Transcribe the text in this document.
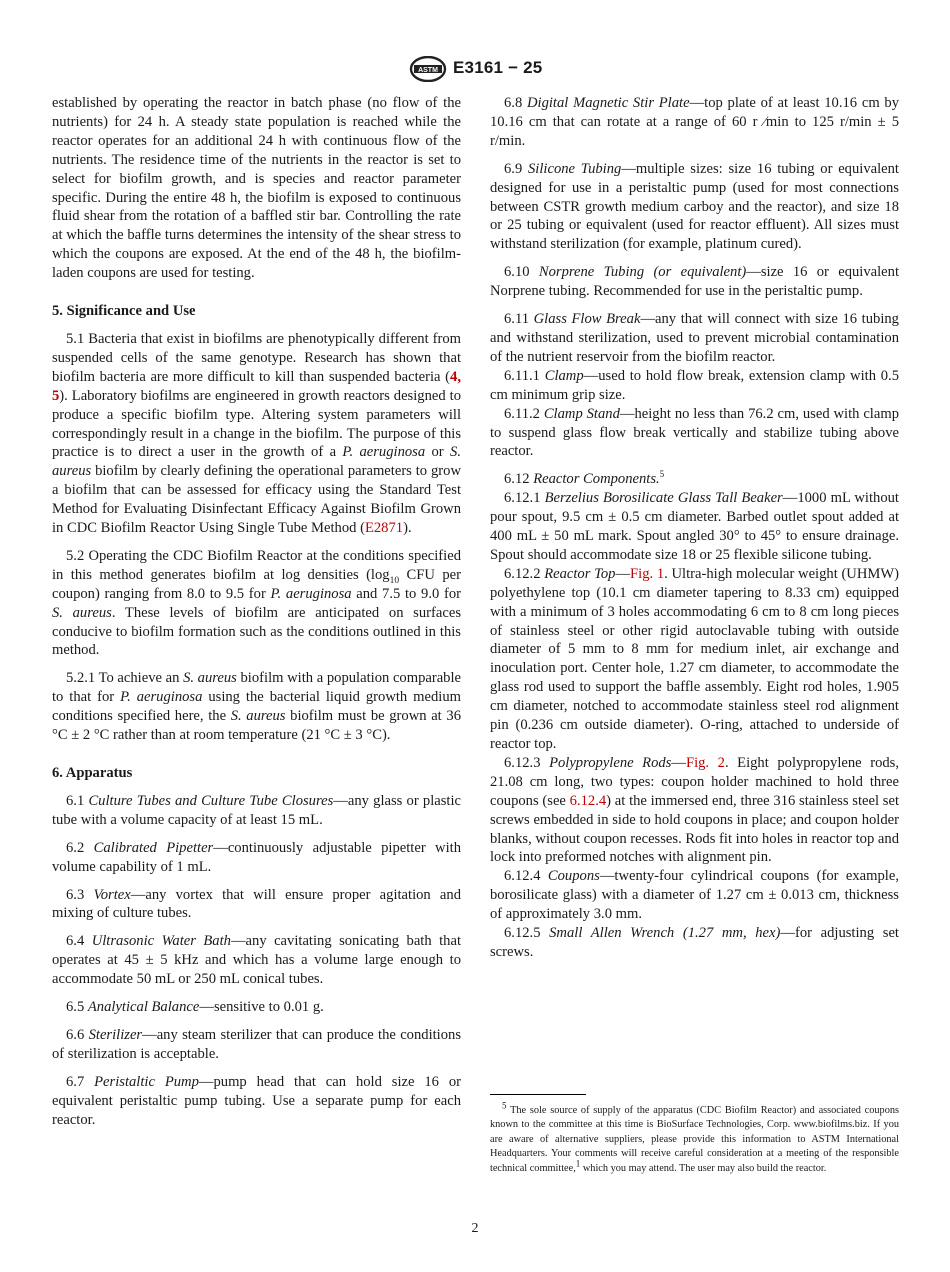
ASTM E3161 − 25

established by operating the reactor in batch phase (no flow of the nutrients) for 24 h. A steady state population is reached while the reactor operates for an additional 24 h with continuous flow of the nutrients. The residence time of the nutrients in the reactor is set to select for biofilm growth, and is species and reactor parameter specific. During the entire 48 h, the biofilm is exposed to continuous fluid shear from the rotation of a baffled stir bar. Controlling the rate at which the baffle turns determines the intensity of the shear stress to which the coupons are exposed. At the end of the 48 h, the biofilm-laden coupons are used for testing.

5. Significance and Use

5.1 Bacteria that exist in biofilms are phenotypically different from suspended cells of the same genotype. Research has shown that biofilm bacteria are more difficult to kill than suspended bacteria (4, 5). Laboratory biofilms are engineered in growth reactors designed to produce a specific biofilm type. Altering system parameters will correspondingly result in a change in the biofilm. The purpose of this practice is to direct a user in the growth of a P. aeruginosa or S. aureus biofilm by clearly defining the operational parameters to grow a biofilm that can be assessed for efficacy using the Standard Test Method for Evaluating Disinfectant Efficacy Against Biofilm Grown in CDC Biofilm Reactor Using Single Tube Method (E2871).

5.2 Operating the CDC Biofilm Reactor at the conditions specified in this method generates biofilm at log densities ($\log_{10}$ CFU per coupon) ranging from 8.0 to 9.5 for P. aeruginosa and 7.5 to 9.0 for S. aureus. These levels of biofilm are anticipated on surfaces conducive to biofilm formation such as the conditions outlined in this method.

5.2.1 To achieve an S. aureus biofilm with a population comparable to that for P. aeruginosa using the bacterial liquid growth medium conditions specified here, the S. aureus biofilm must be grown at 36 °C ± 2 °C rather than at room temperature (21 °C ± 3 °C).

6. Apparatus

6.1 Culture Tubes and Culture Tube Closures—any glass or plastic tube with a volume capacity of at least 15 mL.

6.2 Calibrated Pipetter—continuously adjustable pipetter with volume capability of 1 mL.

6.3 Vortex—any vortex that will ensure proper agitation and mixing of culture tubes.

6.4 Ultrasonic Water Bath—any cavitating sonicating bath that operates at 45 ± 5 kHz and which has a volume large enough to accommodate 50 mL or 250 mL conical tubes.

6.5 Analytical Balance—sensitive to 0.01 g.

6.6 Sterilizer—any steam sterilizer that can produce the conditions of sterilization is acceptable.

6.7 Peristaltic Pump—pump head that can hold size 16 or equivalent peristaltic pump tubing. Use a separate pump for each reactor.

6.8 Digital Magnetic Stir Plate—top plate of at least 10.16 cm by 10.16 cm that can rotate at a range of 60 r ⁄min to 125 r/min ± 5 r/min.

6.9 Silicone Tubing—multiple sizes: size 16 tubing or equivalent designed for use in a peristaltic pump (used for most connections between CSTR growth medium carboy and the reactor), and size 18 or 25 tubing or equivalent (used for reactor effluent). All sizes must withstand sterilization (for example, platinum cured).

6.10 Norprene Tubing (or equivalent)—size 16 or equivalent Norprene tubing. Recommended for use in the peristaltic pump.

6.11 Glass Flow Break—any that will connect with size 16 tubing and withstand sterilization, used to prevent microbial contamination of the nutrient reservoir from the biofilm reactor.

6.11.1 Clamp—used to hold flow break, extension clamp with 0.5 cm minimum grip size.

6.11.2 Clamp Stand—height no less than 76.2 cm, used with clamp to suspend glass flow break vertically and stabilize tubing above reactor.

6.12 Reactor Components.$^5$

6.12.1 Berzelius Borosilicate Glass Tall Beaker—1000 mL without pour spout, 9.5 cm ± 0.5 cm diameter. Barbed outlet spout added at 400 mL ± 50 mL mark. Spout angled 30° to 45° to ensure drainage. Spout should accommodate size 18 or 25 flexible silicone tubing.

6.12.2 Reactor Top—Fig. 1. Ultra-high molecular weight (UHMW) polyethylene top (10.1 cm diameter tapering to 8.33 cm) equipped with a minimum of 3 holes accommodating 6 cm to 8 cm long pieces of stainless steel or other rigid autoclavable tubing with outside diameter of 5 mm to 8 mm for medium inlet, air exchange and inoculation port. Center hole, 1.27 cm diameter, to accommodate the glass rod used to support the baffle assembly. Eight rod holes, 1.905 cm diameter, notched to accommodate stainless steel rod alignment pin (0.236 cm outside diameter). O-ring, attached to underside of reactor top.

6.12.3 Polypropylene Rods—Fig. 2. Eight polypropylene rods, 21.08 cm long, two types: coupon holder machined to hold three coupons (see 6.12.4) at the immersed end, three 316 stainless steel set screws embedded in side to hold coupons in place; and coupon holder blanks, without coupon recesses. Rods fit into holes in reactor top and lock into preformed notches with alignment pin.

6.12.4 Coupons—twenty-four cylindrical coupons (for example, borosilicate glass) with a diameter of 1.27 cm ± 0.013 cm, thickness of approximately 3.0 mm.

6.12.5 Small Allen Wrench (1.27 mm, hex)—for adjusting set screws.

$^5$ The sole source of supply of the apparatus (CDC Biofilm Reactor) and associated coupons known to the committee at this time is BioSurface Technologies, Corp. www.biofilms.biz. If you are aware of alternative suppliers, please provide this information to ASTM International Headquarters. Your comments will receive careful consideration at a meeting of the responsible technical committee,$^1$ which you may attend. The user may also build the reactor.
2
